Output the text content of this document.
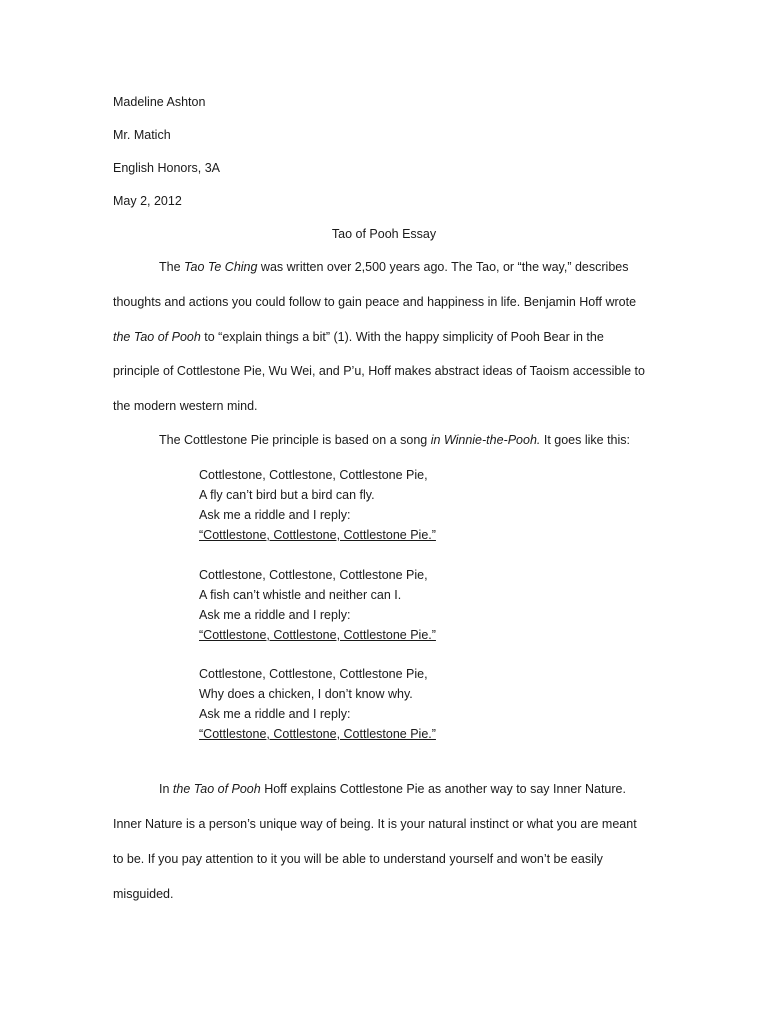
Madeline Ashton
Mr. Matich
English Honors, 3A
May 2, 2012
Tao of Pooh Essay
The Tao Te Ching was written over 2,500 years ago. The Tao, or “the way,” describes
thoughts and actions you could follow to gain peace and happiness in life. Benjamin Hoff wrote
the Tao of Pooh to “explain things a bit” (1). With the happy simplicity of Pooh Bear in the
principle of Cottlestone Pie, Wu Wei, and P’u, Hoff makes abstract ideas of Taoism accessible to
the modern western mind.
The Cottlestone Pie principle is based on a song in Winnie-the-Pooh. It goes like this:
Cottlestone, Cottlestone, Cottlestone Pie,
A fly can’t bird but a bird can fly.
Ask me a riddle and I reply:
“Cottlestone, Cottlestone, Cottlestone Pie.”
Cottlestone, Cottlestone, Cottlestone Pie,
A fish can’t whistle and neither can I.
Ask me a riddle and I reply:
“Cottlestone, Cottlestone, Cottlestone Pie.”
Cottlestone, Cottlestone, Cottlestone Pie,
Why does a chicken, I don’t know why.
Ask me a riddle and I reply:
“Cottlestone, Cottlestone, Cottlestone Pie.”
In the Tao of Pooh Hoff explains Cottlestone Pie as another way to say Inner Nature.
Inner Nature is a person’s unique way of being. It is your natural instinct or what you are meant
to be. If you pay attention to it you will be able to understand yourself and won’t be easily
misguided.
